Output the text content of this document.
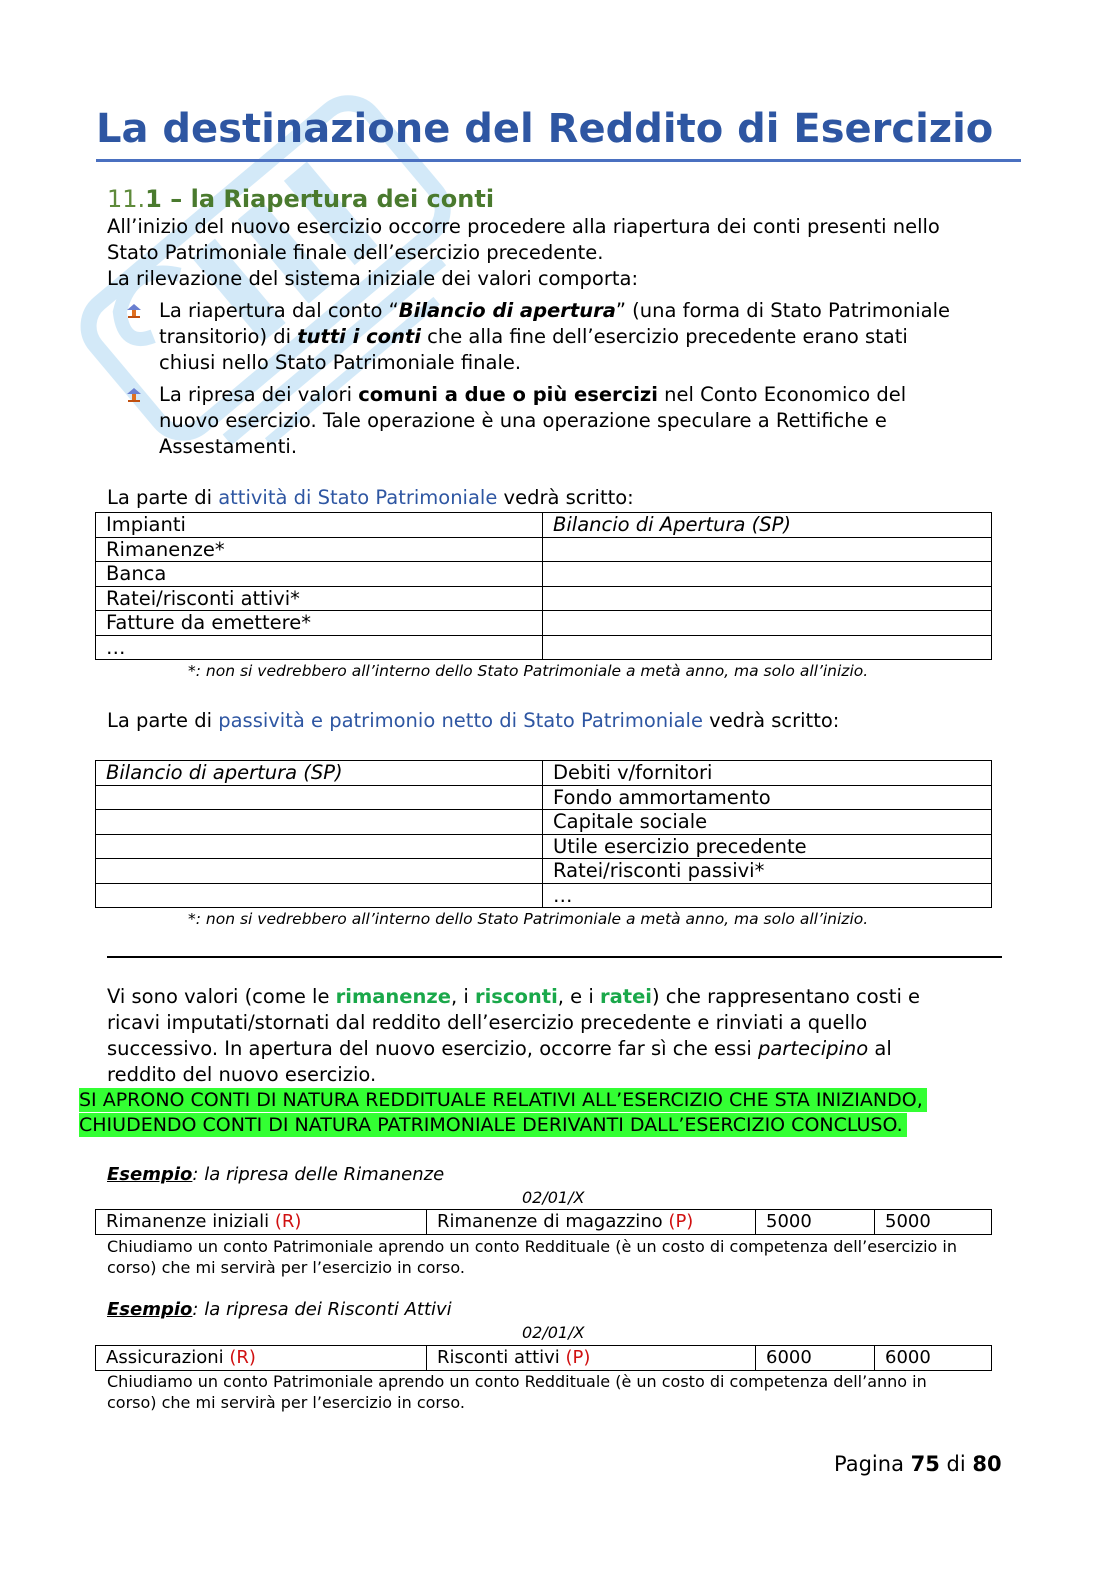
La destinazione del Reddito di Esercizio
11.1 – la Riapertura dei conti
All’inizio del nuovo esercizio occorre procedere alla riapertura dei conti presenti nello
Stato Patrimoniale finale dell’esercizio precedente.
La rilevazione del sistema iniziale dei valori comporta:
La riapertura dal conto “Bilancio di apertura” (una forma di Stato Patrimoniale
transitorio) di tutti i conti che alla fine dell’esercizio precedente erano stati
chiusi nello Stato Patrimoniale finale.
La ripresa dei valori comuni a due o più esercizi nel Conto Economico del
nuovo esercizio. Tale operazione è una operazione speculare a Rettifiche e
Assestamenti.
La parte di attività di Stato Patrimoniale vedrà scritto:
Impianti	Bilancio di Apertura (SP)
Rimanenze*	
Banca	
Ratei/risconti attivi*	
Fatture da emettere*	
…	
*: non si vedrebbero all’interno dello Stato Patrimoniale a metà anno, ma solo all’inizio.
La parte di passività e patrimonio netto di Stato Patrimoniale vedrà scritto:
Bilancio di apertura (SP)	Debiti v/fornitori
	Fondo ammortamento
	Capitale sociale
	Utile esercizio precedente
	Ratei/risconti passivi*
	…
*: non si vedrebbero all’interno dello Stato Patrimoniale a metà anno, ma solo all’inizio.
Vi sono valori (come le rimanenze, i risconti, e i ratei) che rappresentano costi e
ricavi imputati/stornati dal reddito dell’esercizio precedente e rinviati a quello
successivo. In apertura del nuovo esercizio, occorre far sì che essi partecipino al
reddito del nuovo esercizio.
SI APRONO CONTI DI NATURA REDDITUALE RELATIVI ALL’ESERCIZIO CHE STA INIZIANDO,
CHIUDENDO CONTI DI NATURA PATRIMONIALE DERIVANTI DALL’ESERCIZIO CONCLUSO.
Esempio: la ripresa delle Rimanenze
02/01/X
Rimanenze iniziali (R)	Rimanenze di magazzino (P)	5000	5000
Chiudiamo un conto Patrimoniale aprendo un conto Reddituale (è un costo di competenza dell’esercizio in
corso) che mi servirà per l’esercizio in corso.
Esempio: la ripresa dei Risconti Attivi
02/01/X
Assicurazioni (R)	Risconti attivi (P)	6000	6000
Chiudiamo un conto Patrimoniale aprendo un conto Reddituale (è un costo di competenza dell’anno in
corso) che mi servirà per l’esercizio in corso.
Pagina 75 di 80
